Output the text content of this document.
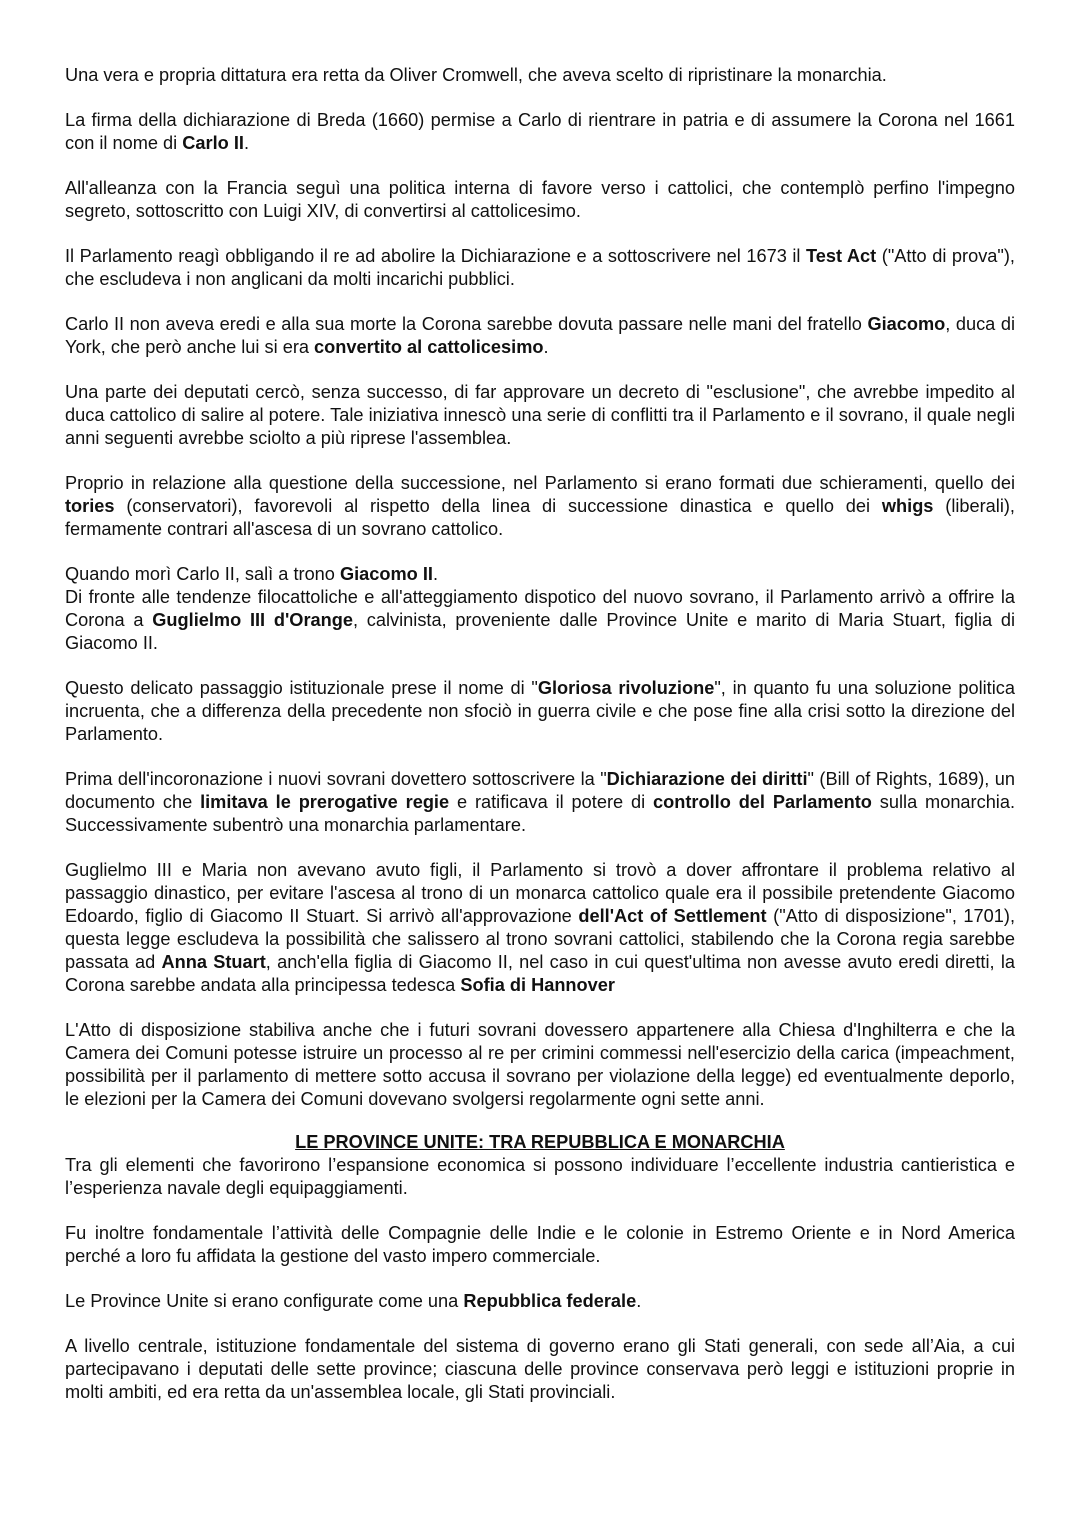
Una vera e propria dittatura era retta da Oliver Cromwell, che aveva scelto di ripristinare la monarchia.

La firma della dichiarazione di Breda (1660) permise a Carlo di rientrare in patria e di assumere la Corona nel 1661 con il nome di Carlo II.

All'alleanza con la Francia seguì una politica interna di favore verso i cattolici, che contemplò perfino l'impegno segreto, sottoscritto con Luigi XIV, di convertirsi al cattolicesimo.

Il Parlamento reagì obbligando il re ad abolire la Dichiarazione e a sottoscrivere nel 1673 il Test Act ("Atto di prova"), che escludeva i non anglicani da molti incarichi pubblici.

Carlo II non aveva eredi e alla sua morte la Corona sarebbe dovuta passare nelle mani del fratello Giacomo, duca di York, che però anche lui si era convertito al cattolicesimo.

Una parte dei deputati cercò, senza successo, di far approvare un decreto di "esclusione", che avrebbe impedito al duca cattolico di salire al potere. Tale iniziativa innescò una serie di conflitti tra il Parlamento e il sovrano, il quale negli anni seguenti avrebbe sciolto a più riprese l'assemblea.

Proprio in relazione alla questione della successione, nel Parlamento si erano formati due schieramenti, quello dei tories (conservatori), favorevoli al rispetto della linea di successione dinastica e quello dei whigs (liberali), fermamente contrari all'ascesa di un sovrano cattolico.

Quando morì Carlo II, salì a trono Giacomo II.

Di fronte alle tendenze filocattoliche e all'atteggiamento dispotico del nuovo sovrano, il Parlamento arrivò a offrire la Corona a Guglielmo III d'Orange, calvinista, proveniente dalle Province Unite e marito di Maria Stuart, figlia di Giacomo II.

Questo delicato passaggio istituzionale prese il nome di "Gloriosa rivoluzione", in quanto fu una soluzione politica incruenta, che a differenza della precedente non sfociò in guerra civile e che pose fine alla crisi sotto la direzione del Parlamento.

Prima dell'incoronazione i nuovi sovrani dovettero sottoscrivere la "Dichiarazione dei diritti" (Bill of Rights, 1689), un documento che limitava le prerogative regie e ratificava il potere di controllo del Parlamento sulla monarchia. Successivamente subentrò una monarchia parlamentare.

Guglielmo III e Maria non avevano avuto figli, il Parlamento si trovò a dover affrontare il problema relativo al passaggio dinastico, per evitare l'ascesa al trono di un monarca cattolico quale era il possibile pretendente Giacomo Edoardo, figlio di Giacomo II Stuart. Si arrivò all'approvazione dell'Act of Settlement ("Atto di disposizione", 1701), questa legge escludeva la possibilità che salissero al trono sovrani cattolici, stabilendo che la Corona regia sarebbe passata ad Anna Stuart, anch'ella figlia di Giacomo II, nel caso in cui quest'ultima non avesse avuto eredi diretti, la Corona sarebbe andata alla principessa tedesca Sofia di Hannover

L'Atto di disposizione stabiliva anche che i futuri sovrani dovessero appartenere alla Chiesa d'Inghilterra e che la Camera dei Comuni potesse istruire un processo al re per crimini commessi nell'esercizio della carica (impeachment, possibilità per il parlamento di mettere sotto accusa il sovrano per violazione della legge) ed eventualmente deporlo, le elezioni per la Camera dei Comuni dovevano svolgersi regolarmente ogni sette anni.

LE PROVINCE UNITE: TRA REPUBBLICA E MONARCHIA

Tra gli elementi che favorirono l’espansione economica si possono individuare l’eccellente industria cantieristica e l’esperienza navale degli equipaggiamenti.

Fu inoltre fondamentale l’attività delle Compagnie delle Indie e le colonie in Estremo Oriente e in Nord America perché a loro fu affidata la gestione del vasto impero commerciale.

Le Province Unite si erano configurate come una Repubblica federale.

A livello centrale, istituzione fondamentale del sistema di governo erano gli Stati generali, con sede all’Aia, a cui partecipavano i deputati delle sette province; ciascuna delle province conservava però leggi e istituzioni proprie in molti ambiti, ed era retta da un'assemblea locale, gli Stati provinciali.
